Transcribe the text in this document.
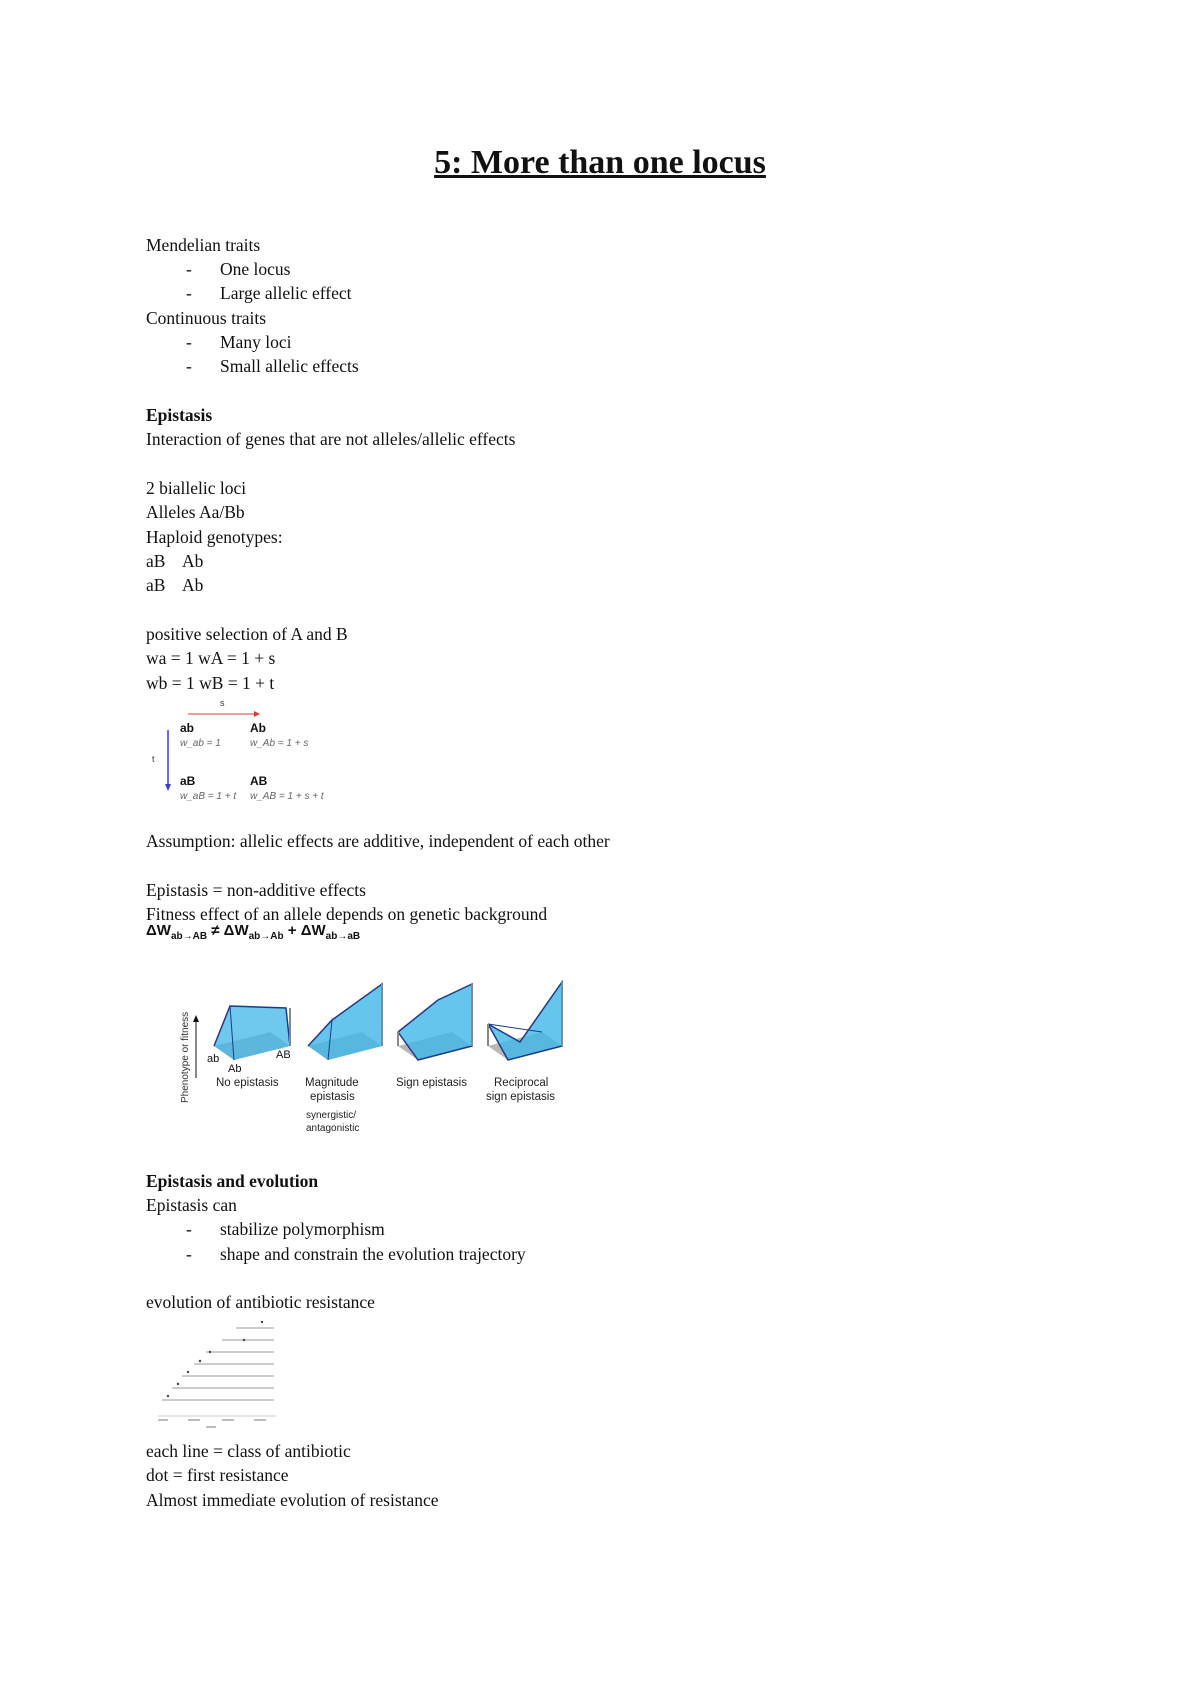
5: More than one locus
Mendelian traits
- One locus
- Large allelic effect
Continuous traits
- Many loci
- Small allelic effects
Epistasis
Interaction of genes that are not alleles/allelic effects
2 biallelic loci
Alleles Aa/Bb
Haploid genotypes:
aB    Ab
aB    Ab
positive selection of A and B
wa = 1 wA = 1 + s
wb = 1 wB = 1 + t
s
t
ab
w_ab = 1
Ab
w_Ab = 1 + s
aB
w_aB = 1 + t
AB
w_AB = 1 + s + t
Assumption: allelic effects are additive, independent of each other
Epistasis = non-additive effects
Fitness effect of an allele depends on genetic background
$\Delta W_{ab\to AB} \ne \Delta W_{ab\to Ab} + \Delta W_{ab\to aB}$
Phenotype or fitness ab
Ab
AB
No epistasis Magnitude
epistasis
synergistic/
antagonistic
Sign epistasis Reciprocal
sign epistasis
Epistasis and evolution
Epistasis can
- stabilize polymorphism
- shape and constrain the evolution trajectory
evolution of antibiotic resistance
each line = class of antibiotic
dot = first resistance
Almost immediate evolution of resistance
